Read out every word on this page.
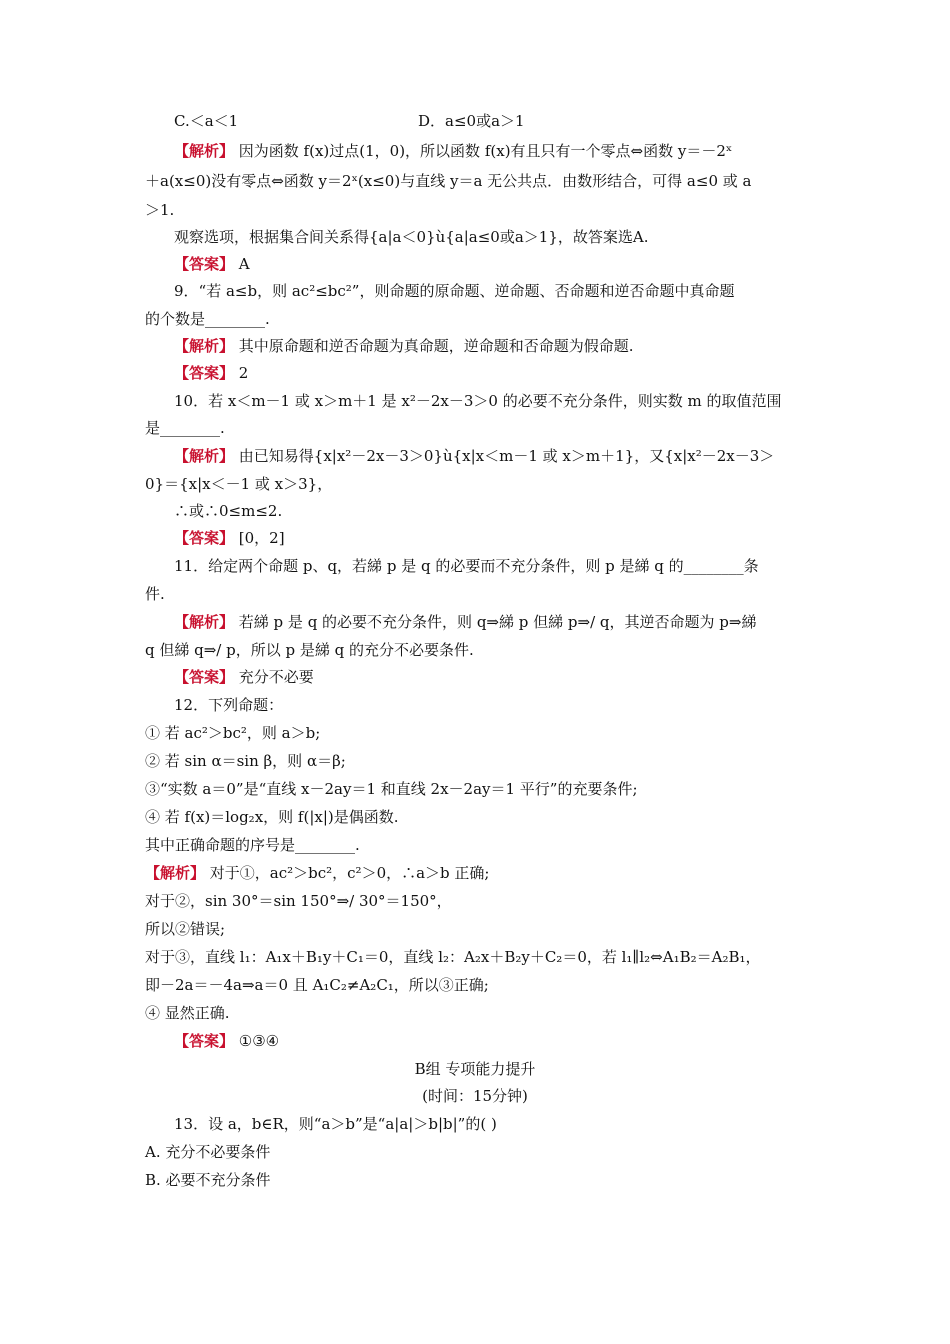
C.＜a＜1	D．a≤0或a＞1
【解析】 因为函数 f(x)过点(1，0)，所以函数 f(x)有且只有一个零点⇔函数 y＝－2ˣ
＋a(x≤0)没有零点⇔函数 y＝2ˣ(x≤0)与直线 y＝a 无公共点．由数形结合，可得 a≤0 或 a
＞1.
观察选项，根据集合间关系得{a|a＜0}ù{a|a≤0或a＞1}，故答案选A.
【答案】 A
9．“若 a≤b，则 ac²≤bc²”，则命题的原命题、逆命题、否命题和逆否命题中真命题
的个数是________.
【解析】 其中原命题和逆否命题为真命题，逆命题和否命题为假命题.
【答案】 2
10．若 x＜m－1 或 x＞m＋1 是 x²－2x－3＞0 的必要不充分条件，则实数 m 的取值范围
是________.
【解析】 由已知易得{x|x²－2x－3＞0}ù{x|x＜m－1 或 x＞m＋1}，又{x|x²－2x－3＞
0}＝{x|x＜－1 或 x＞3}，
∴或∴0≤m≤2.
【答案】 [0，2]
11．给定两个命题 p、q，若綈 p 是 q 的必要而不充分条件，则 p 是綈 q 的________条
件.
【解析】 若綈 p 是 q 的必要不充分条件，则 q⇒綈 p 但綈 p⇒/ q，其逆否命题为 p⇒綈
q 但綈 q⇒/ p，所以 p 是綈 q 的充分不必要条件.
【答案】 充分不必要
12．下列命题：
① 若 ac²＞bc²，则 a＞b;
② 若 sin α＝sin β，则 α＝β;
③“实数 a＝0”是“直线 x－2ay＝1 和直线 2x－2ay＝1 平行”的充要条件;
④ 若 f(x)＝log₂x，则 f(|x|)是偶函数.
其中正确命题的序号是________.
【解析】 对于①，ac²＞bc²，c²＞0，∴a＞b 正确;
对于②，sin 30°＝sin 150°⇒/ 30°＝150°，
所以②错误;
对于③，直线 l₁：A₁x＋B₁y＋C₁＝0，直线 l₂：A₂x＋B₂y＋C₂＝0，若 l₁∥l₂⇔A₁B₂＝A₂B₁，
即－2a＝－4a⇒a＝0 且 A₁C₂≠A₂C₁，所以③正确;
④ 显然正确.
【答案】 ①③④
B组 专项能力提升
(时间：15分钟)
13．设 a，b∈R，则“a＞b”是“a|a|＞b|b|”的( )
A. 充分不必要条件
B. 必要不充分条件
